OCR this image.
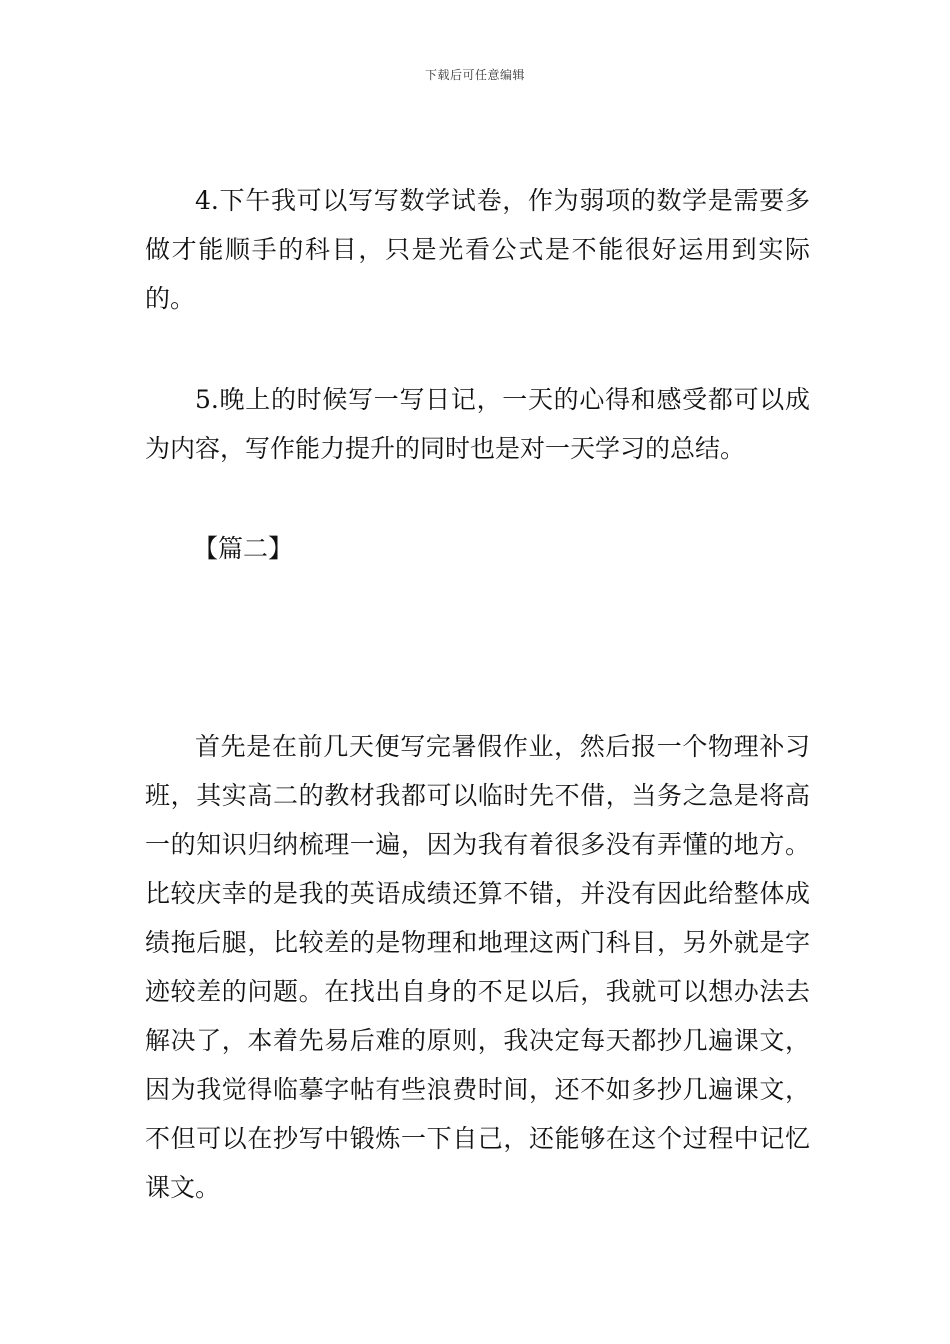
下载后可任意编辑

4.下午我可以写写数学试卷，作为弱项的数学是需要多做才能顺手的科目，只是光看公式是不能很好运用到实际的。

5.晚上的时候写一写日记，一天的心得和感受都可以成为内容，写作能力提升的同时也是对一天学习的总结。

【篇二】

首先是在前几天便写完暑假作业，然后报一个物理补习班，其实高二的教材我都可以临时先不借，当务之急是将高一的知识归纳梳理一遍，因为我有着很多没有弄懂的地方。比较庆幸的是我的英语成绩还算不错，并没有因此给整体成绩拖后腿，比较差的是物理和地理这两门科目，另外就是字迹较差的问题。在找出自身的不足以后，我就可以想办法去解决了，本着先易后难的原则，我决定每天都抄几遍课文，因为我觉得临摹字帖有些浪费时间，还不如多抄几遍课文，不但可以在抄写中锻炼一下自己，还能够在这个过程中记忆课文。
